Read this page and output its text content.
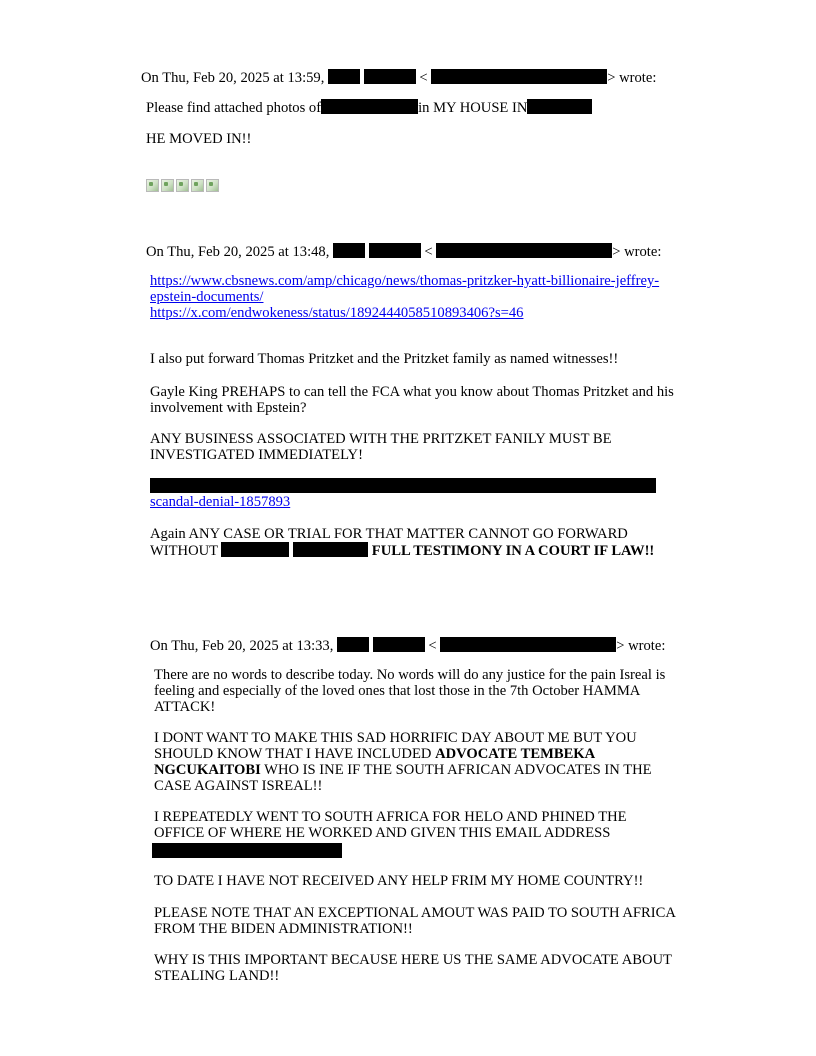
On Thu, Feb 20, 2025 at 13:59,	<	> wrote:
Please find attached photos of	in MY HOUSE IN
HE MOVED IN!!
On Thu, Feb 20, 2025 at 13:48,	<	> wrote:
https://www.cbsnews.com/amp/chicago/news/thomas-pritzker-hyatt-billionaire-jeffrey-
epstein-documents/
https://x.com/endwokeness/status/1892444058510893406?s=46
I also put forward Thomas Pritzket and the Pritzket family as named witnesses!!
Gayle King PREHAPS to can tell the FCA what you know about Thomas Pritzket and his
involvement with Epstein?
ANY BUSINESS ASSOCIATED WITH THE PRITZKET FANILY MUST BE
INVESTIGATED IMMEDIATELY!
scandal-denial-1857893
Again ANY CASE OR TRIAL FOR THAT MATTER CANNOT GO FORWARD
WITHOUT	FULL TESTIMONY IN A COURT IF LAW!!
On Thu, Feb 20, 2025 at 13:33,	<	> wrote:
There are no words to describe today. No words will do any justice for the pain Isreal is
feeling and especially of the loved ones that lost those in the 7th October HAMMA
ATTACK!
I DONT WANT TO MAKE THIS SAD HORRIFIC DAY ABOUT ME BUT YOU
SHOULD KNOW THAT I HAVE INCLUDED ADVOCATE TEMBEKA
NGCUKAITOBI WHO IS INE IF THE SOUTH AFRICAN ADVOCATES IN THE
CASE AGAINST ISREAL!!
I REPEATEDLY WENT TO SOUTH AFRICA FOR HELO AND PHINED THE
OFFICE OF WHERE HE WORKED AND GIVEN THIS EMAIL ADDRESS
TO DATE I HAVE NOT RECEIVED ANY HELP FRIM MY HOME COUNTRY!!
PLEASE NOTE THAT AN EXCEPTIONAL AMOUT WAS PAID TO SOUTH AFRICA
FROM THE BIDEN ADMINISTRATION!!
WHY IS THIS IMPORTANT BECAUSE HERE US THE SAME ADVOCATE ABOUT
STEALING LAND!!
